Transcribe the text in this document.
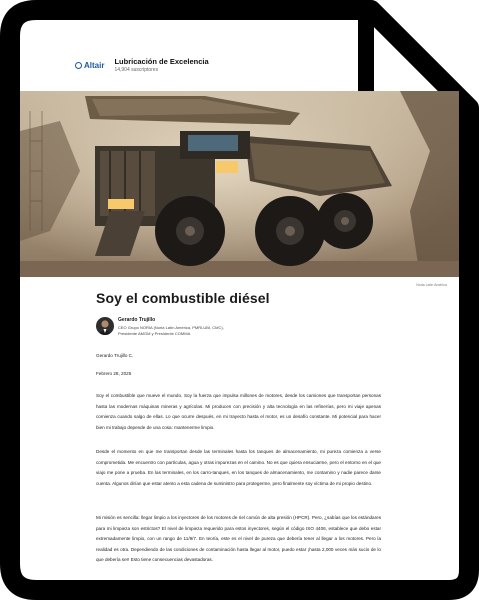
Altair Lubricación de Excelencia
14,904 suscriptores
Noria Latín América
Soy el combustible diésel
Gerardo Trujillo
CEO Grupo NORIA (Noria Latín América, PMRLUBI, CMC),
Presidente AMGM y Presidente COMMA
Gerardo Trujillo C.
Febrero 28, 2025

Soy el combustible que mueve el mundo. Soy la fuerza que impulsa millones de motores, desde los camiones que transportan personas hasta las modernas máquinas mineras y agrícolas. Mi producen con precisión y alta tecnología en las refinerías, pero mi viaje apenas comienza cuando salgo de ellas. Lo que ocurre después, en mi trayecto hasta el motor, es un desafío constante. Mi potencial para hacer bien mi trabajo depende de una cosa: mantenerme limpio.

Desde el momento en que me transportan desde las terminales hasta los tanques de almacenamiento, mi pureza comienza a verse comprometida. Me encuentro con partículas, agua y otras impurezas en el camino. No es que quiera ensuciarme, pero el entorno en el que viajo me pone a prueba. En las terminales, en los carro-tanques, en los tanques de almacenamiento, me contamino y nadie parece darse cuenta. Algunos dirían que estar atento a esta cadena de suministro para protegerme, pero finalmente soy víctima de mi propio destino.

Mi misión es sencilla: llegar limpio a los inyectores de los motores de riel común de alta presión (HPCR). Pero, ¿sabías que los estándares para mi limpieza son estrictos? El nivel de limpieza requerido para estos inyectores, según el código ISO 4406, establece que debo estar extremadamente limpio, con un rango de 11/9/7. En teoría, este es el nivel de pureza que debería tener al llegar a los motores. Pero la realidad es otra. Dependiendo de las condiciones de contaminación hasta llegar al motor, puedo estar ¡hasta 2,000 veces más sucio de lo que debería ser! Esto tiene consecuencias devastadoras.
